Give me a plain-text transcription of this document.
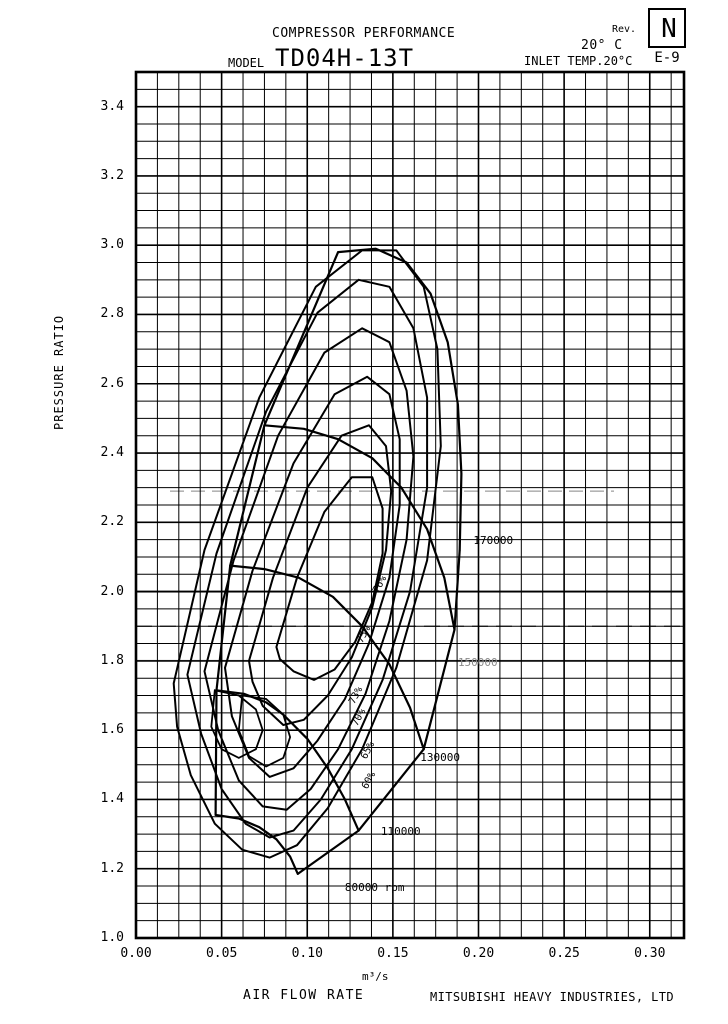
COMPRESSOR PERFORMANCE
MODEL TD04H-13T
Rev.
20° C
INLET TEMP.20°C
N
E-9
PRESSURE RATIO
AIR FLOW RATE
m³/s
MITSUBISHI HEAVY INDUSTRIES, LTD
1.0
1.2
1.4
1.6
1.8
2.0
2.2
2.4
2.6
2.8
3.0
3.2
3.4
0.00	0.05	0.10	0.15	0.20	0.25	0.30
170000
150000
130000
110000
80000 rpm
76%
75%
73%
70%
65%
60%
